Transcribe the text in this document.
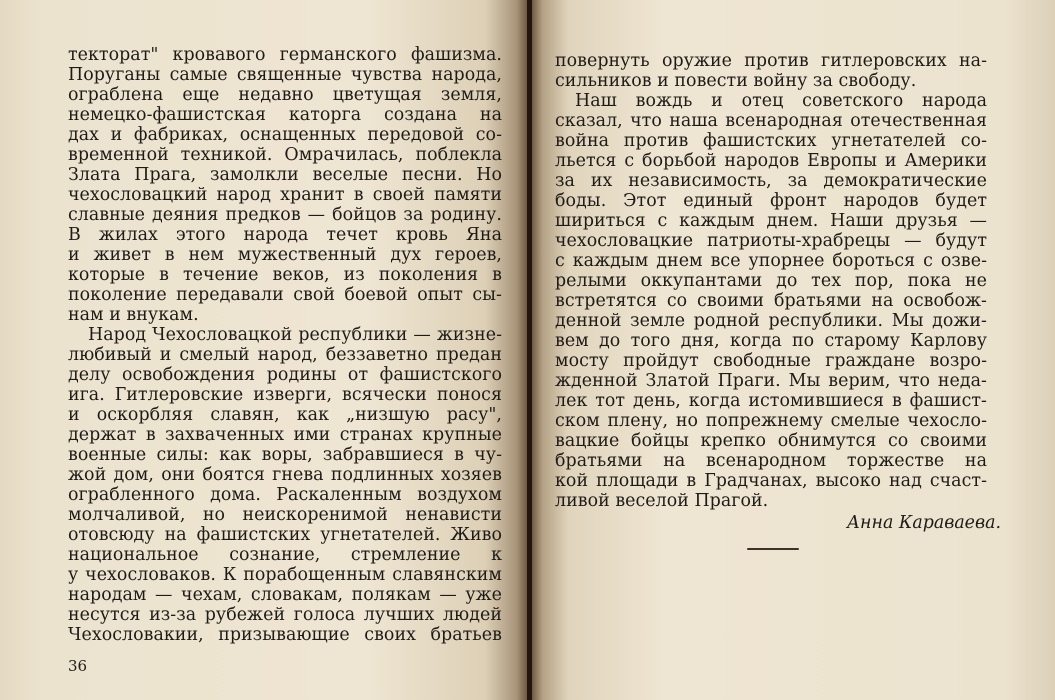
текторат" кровавого германского фашизма.
Поруганы самые священные чувства народа,
ограблена еще недавно цветущая земля,
немецко-фашистская каторга создана на
дах и фабриках, оснащенных передовой со-
временной техникой. Омрачилась, поблекла
Злата Прага, замолкли веселые песни. Но
чехословацкий народ хранит в своей памяти
славные деяния предков — бойцов за родину.
В жилах этого народа течет кровь Яна
и живет в нем мужественный дух героев,
которые в течение веков, из поколения в
поколение передавали свой боевой опыт сы-
нам и внукам.
Народ Чехословацкой республики — жизне-
любивый и смелый народ, беззаветно предан
делу освобождения родины от фашистского
ига. Гитлеровские изверги, всячески понося
и оскорбляя славян, как „низшую расу",
держат в захваченных ими странах крупные
военные силы: как воры, забравшиеся в чу-
жой дом, они боятся гнева подлинных хозяев
ограбленного дома. Раскаленным воздухом
молчаливой, но неискоренимой ненависти
отовсюду на фашистских угнетателей. Живо
национальное сознание, стремление к
у чехословаков. К порабощенным славянским
народам — чехам, словакам, полякам — уже
несутся из-за рубежей голоса лучших людей
Чехословакии, призывающие своих братьев
36
повернуть оружие против гитлеровских на-
сильников и повести войну за свободу.
Наш вождь и отец советского народа
сказал, что наша всенародная отечественная
война против фашистских угнетателей со-
льется с борьбой народов Европы и Америки
за их независимость, за демократические
боды. Этот единый фронт народов будет
шириться с каждым днем. Наши друзья —
чехословацкие патриоты-храбрецы — будут
с каждым днем все упорнее бороться с озве-
релыми оккупантами до тех пор, пока не
встретятся со своими братьями на освобож-
денной земле родной республики. Мы дожи-
вем до того дня, когда по старому Карлову
мосту пройдут свободные граждане возро-
жденной Златой Праги. Мы верим, что неда-
лек тот день, когда истомившиеся в фашист-
ском плену, но попрежнему смелые чехосло-
вацкие бойцы крепко обнимутся со своими
братьями на всенародном торжестве на
кой площади в Градчанах, высоко над счаст-
ливой веселой Прагой.
Анна Караваева.
